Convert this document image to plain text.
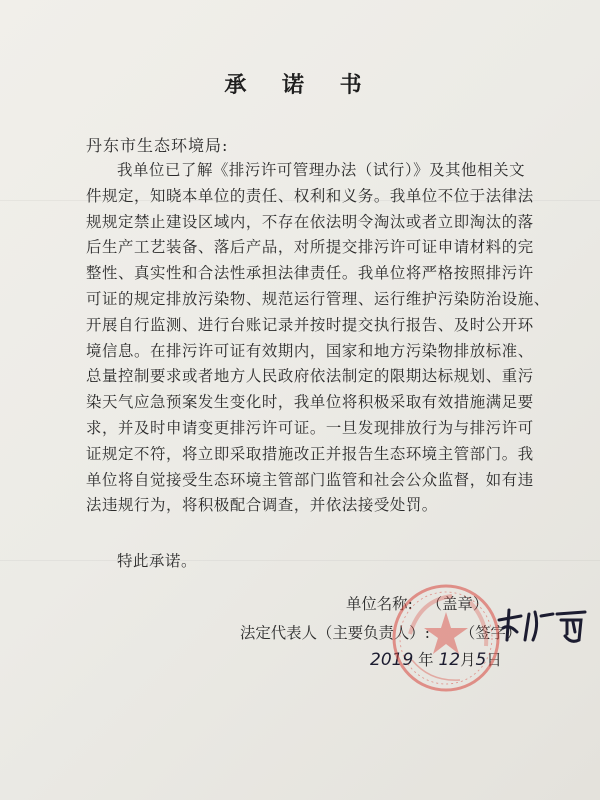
承 诺 书
丹东市生态环境局:
我单位已了解《排污许可管理办法（试行）》及其他相关文
件规定，知晓本单位的责任、权利和义务。我单位不位于法律法
规规定禁止建设区域内，不存在依法明令淘汰或者立即淘汰的落
后生产工艺装备、落后产品，对所提交排污许可证申请材料的完
整性、真实性和合法性承担法律责任。我单位将严格按照排污许
可证的规定排放污染物、规范运行管理、运行维护污染防治设施、
开展自行监测、进行台账记录并按时提交执行报告、及时公开环
境信息。在排污许可证有效期内，国家和地方污染物排放标准、
总量控制要求或者地方人民政府依法制定的限期达标规划、重污
染天气应急预案发生变化时，我单位将积极采取有效措施满足要
求，并及时申请变更排污许可证。一旦发现排放行为与排污许可
证规定不符，将立即采取措施改正并报告生态环境主管部门。我
单位将自觉接受生态环境主管部门监管和社会公众监督，如有违
法违规行为，将积极配合调查，并依法接受处罚。
特此承诺。
单位名称: （盖章）
法定代表人（主要负责人）: （签字）
2019 年 12月5日
